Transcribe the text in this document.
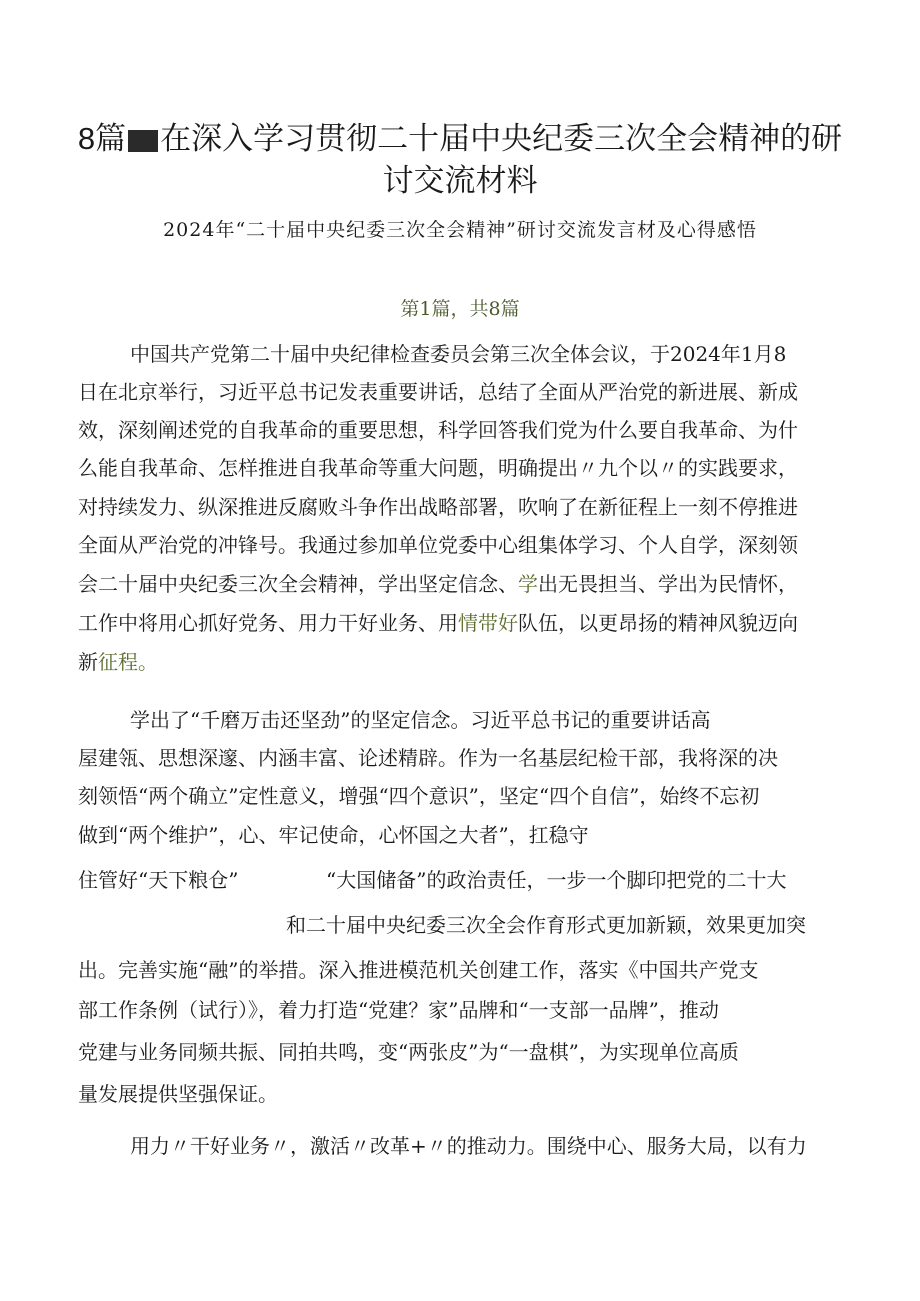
8篇 在深入学习贯彻二十届中央纪委三次全会精神的研
讨交流材料
2024年“二十届中央纪委三次全会精神”研讨交流发言材及心得感悟
第1篇，共8篇
中国共产党第二十届中央纪律检查委员会第三次全体会议，于2024年1月8
日在北京举行，习近平总书记发表重要讲话，总结了全面从严治党的新进展、新成
效，深刻阐述党的自我革命的重要思想，科学回答我们党为什么要自我革命、为什
么能自我革命、怎样推进自我革命等重大问题，明确提出〃九个以〃的实践要求，
对持续发力、纵深推进反腐败斗争作出战略部署，吹响了在新征程上一刻不停推进
全面从严治党的冲锋号。我通过参加单位党委中心组集体学习、个人自学，深刻领
会二十届中央纪委三次全会精神，学出坚定信念、学出无畏担当、学出为民情怀，
工作中将用心抓好党务、用力干好业务、用情带好队伍，以更昂扬的精神风貌迈向
新征程。
学出了“千磨万击还坚劲”的坚定信念。习近平总书记的重要讲话高
屋建瓴、思想深邃、内涵丰富、论述精辟。作为一名基层纪检干部，我将深的决
刻领悟“两个确立”定性意义，增强“四个意识”，坚定“四个自信”，始终不忘初
做到“两个维护”，心、牢记使命，心怀国之大者”，扛稳守
住管好“天下粮仓”	“大国储备”的政治责任，一步一个脚印把党的二十大
和二十届中央纪委三次全会作育形式更加新颖，效果更加突
出。完善实施“融”的举措。深入推进模范机关创建工作，落实《中国共产党支
部工作条例（试行）》，着力打造“党建？家”品牌和“一支部一品牌”，推动
党建与业务同频共振、同拍共鸣，变“两张皮”为“一盘棋”，为实现单位高质
量发展提供坚强保证。
用力〃干好业务〃，激活〃改革+〃的推动力。围绕中心、服务大局，以有力
